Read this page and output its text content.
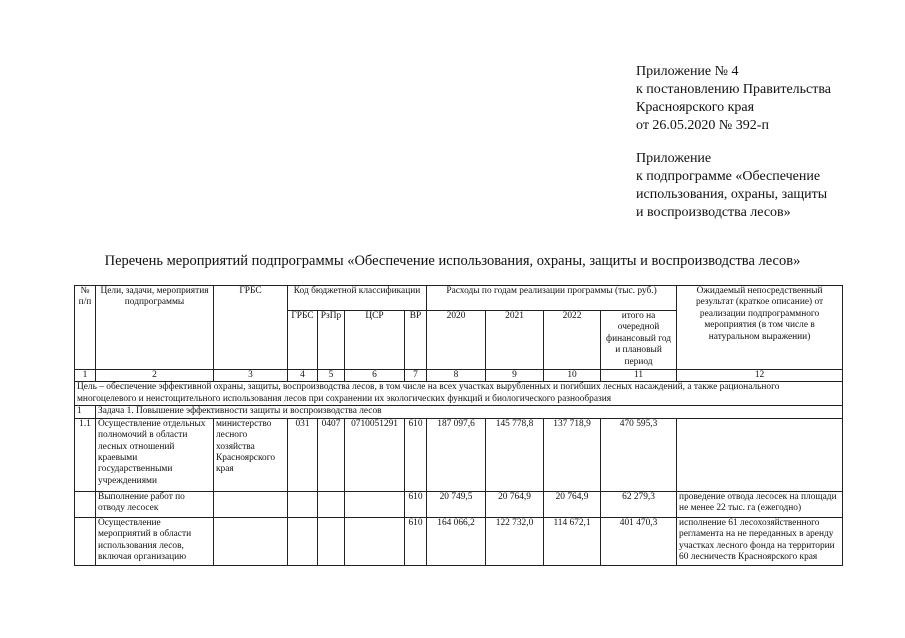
Приложение № 4
к постановлению Правительства
Красноярского края
от 26.05.2020 № 392-п
Приложение
к подпрограмме «Обеспечение
использования, охраны, защиты
и воспроизводства лесов»
Перечень мероприятий подпрограммы «Обеспечение использования, охраны, защиты и воспроизводства лесов»
№ п/п	Цели, задачи, мероприятия подпрограммы	ГРБС	Код бюджетной классификации				Расходы по годам реализации программы (тыс. руб.)				Ожидаемый непосредственный результат (краткое описание) от реализации подпрограммного мероприятия (в том числе в натуральном выражении)
			ГРБС	РзПр	ЦСР	ВР	2020	2021	2022	итого на очередной финансовый год и плановый период	
1	2	3	4	5	6	7	8	9	10	11	12
Цель – обеспечение эффективной охраны, защиты, воспроизводства лесов, в том числе на всех участках вырубленных и погибших лесных насаждений, а также рационального многоцелевого и неистощительного использования лесов при сохранении их экологических функций и биологического разнообразия											
1	Задача 1. Повышение эффективности защиты и воспроизводства лесов										
1.1	Осуществление отдельных полномочий в области лесных отношений краевыми государственными учреждениями	министерство лесного хозяйства Красноярского края	031	0407	0710051291	610	187 097,6	145 778,8	137 718,9	470 595,3	
	Выполнение работ по отводу лесосек					610	20 749,5	20 764,9	20 764,9	62 279,3	проведение отвода лесосек на площади не менее 22 тыс. га (ежегодно)
	Осуществление мероприятий в области использования лесов, включая организацию					610	164 066,2	122 732,0	114 672,1	401 470,3	исполнение 61 лесохозяйственного регламента на не переданных в аренду участках лесного фонда на территории 60 лесничеств Красноярского края
